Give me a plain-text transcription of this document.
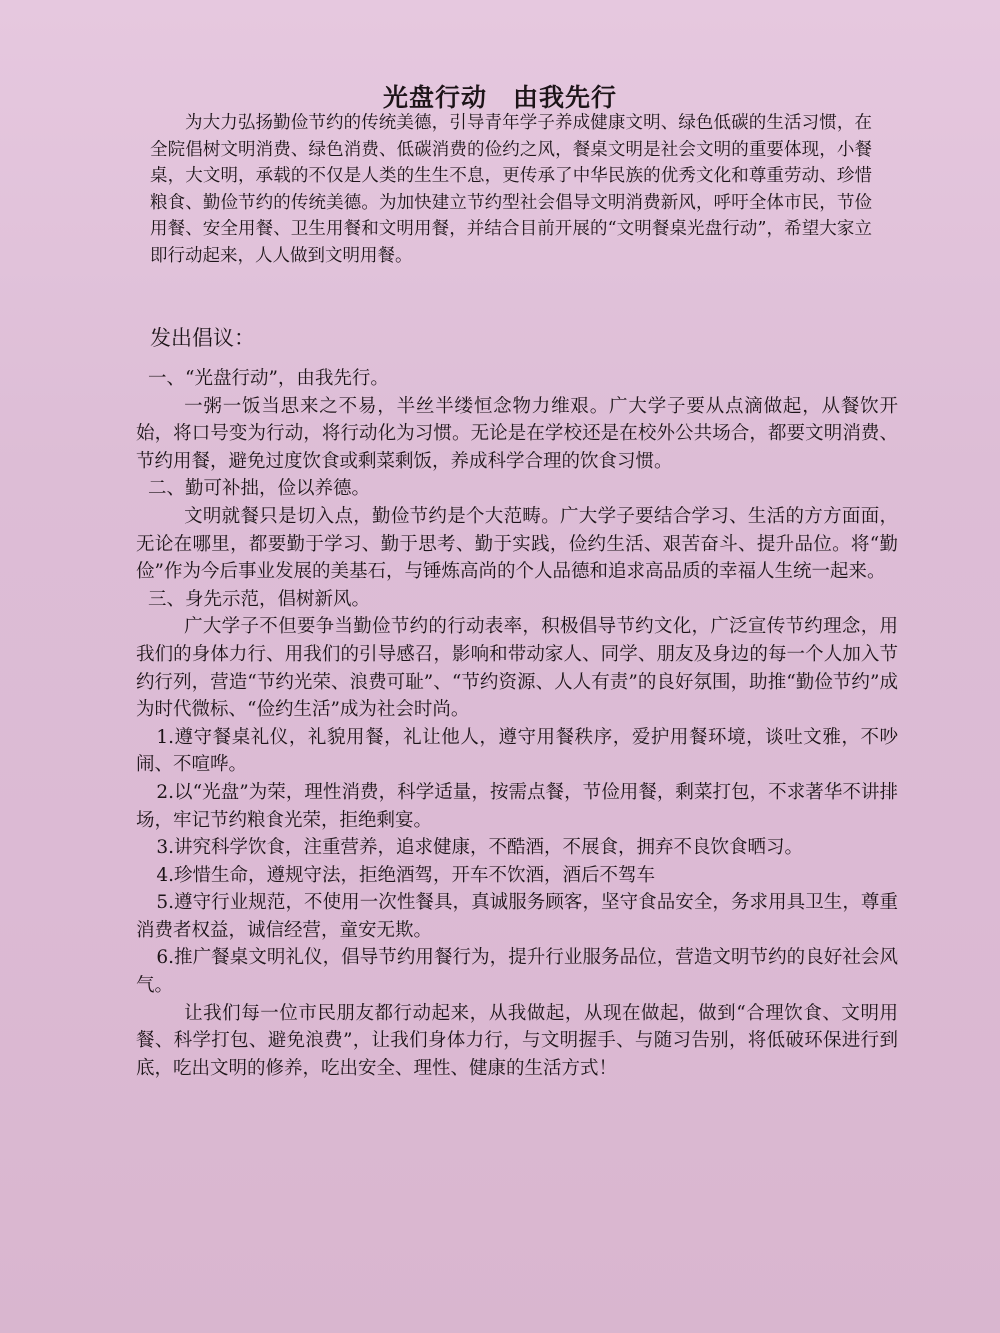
光盘行动　由我先行

为大力弘扬勤俭节约的传统美德，引导青年学子养成健康文明、绿色低碳的生活习惯，在全院倡树文明消费、绿色消费、低碳消费的俭约之风，餐桌文明是社会文明的重要体现，小餐桌，大文明，承载的不仅是人类的生生不息，更传承了中华民族的优秀文化和尊重劳动、珍惜粮食、勤俭节约的传统美德。为加快建立节约型社会倡导文明消费新风，呼吁全体市民，节俭用餐、安全用餐、卫生用餐和文明用餐，并结合目前开展的“文明餐桌光盘行动”，希望大家立即行动起来，人人做到文明用餐。

发出倡议：

一、“光盘行动”，由我先行。

一粥一饭当思来之不易，半丝半缕恒念物力维艰。广大学子要从点滴做起，从餐饮开始，将口号变为行动，将行动化为习惯。无论是在学校还是在校外公共场合，都要文明消费、节约用餐，避免过度饮食或剩菜剩饭，养成科学合理的饮食习惯。

二、勤可补拙，俭以养德。

文明就餐只是切入点，勤俭节约是个大范畴。广大学子要结合学习、生活的方方面面，无论在哪里，都要勤于学习、勤于思考、勤于实践，俭约生活、艰苦奋斗、提升品位。将“勤俭”作为今后事业发展的美基石，与锤炼高尚的个人品德和追求高品质的幸福人生统一起来。

三、身先示范，倡树新风。

广大学子不但要争当勤俭节约的行动表率，积极倡导节约文化，广泛宣传节约理念，用我们的身体力行、用我们的引导感召，影响和带动家人、同学、朋友及身边的每一个人加入节约行列，营造“节约光荣、浪费可耻”、“节约资源、人人有责”的良好氛围，助推“勤俭节约”成为时代微标、“俭约生活”成为社会时尚。

1.遵守餐桌礼仪，礼貌用餐，礼让他人，遵守用餐秩序，爱护用餐环境，谈吐文雅，不吵闹、不喧哗。

2.以“光盘”为荣，理性消费，科学适量，按需点餐，节俭用餐，剩菜打包，不求著华不讲排场，牢记节约粮食光荣，拒绝剩宴。

3.讲究科学饮食，注重营养，追求健康，不酷酒，不展食，拥弃不良饮食晒习。

4.珍惜生命，遵规守法，拒绝酒驾，开车不饮酒，酒后不驾车

5.遵守行业规范，不使用一次性餐具，真诚服务顾客，坚守食品安全，务求用具卫生，尊重消费者权益，诚信经营，童安无欺。

6.推广餐桌文明礼仪，倡导节约用餐行为，提升行业服务品位，营造文明节约的良好社会风气。

让我们每一位市民朋友都行动起来，从我做起，从现在做起，做到“合理饮食、文明用餐、科学打包、避免浪费”，让我们身体力行，与文明握手、与随习告别，将低破环保进行到底，吃出文明的修养，吃出安全、理性、健康的生活方式！
